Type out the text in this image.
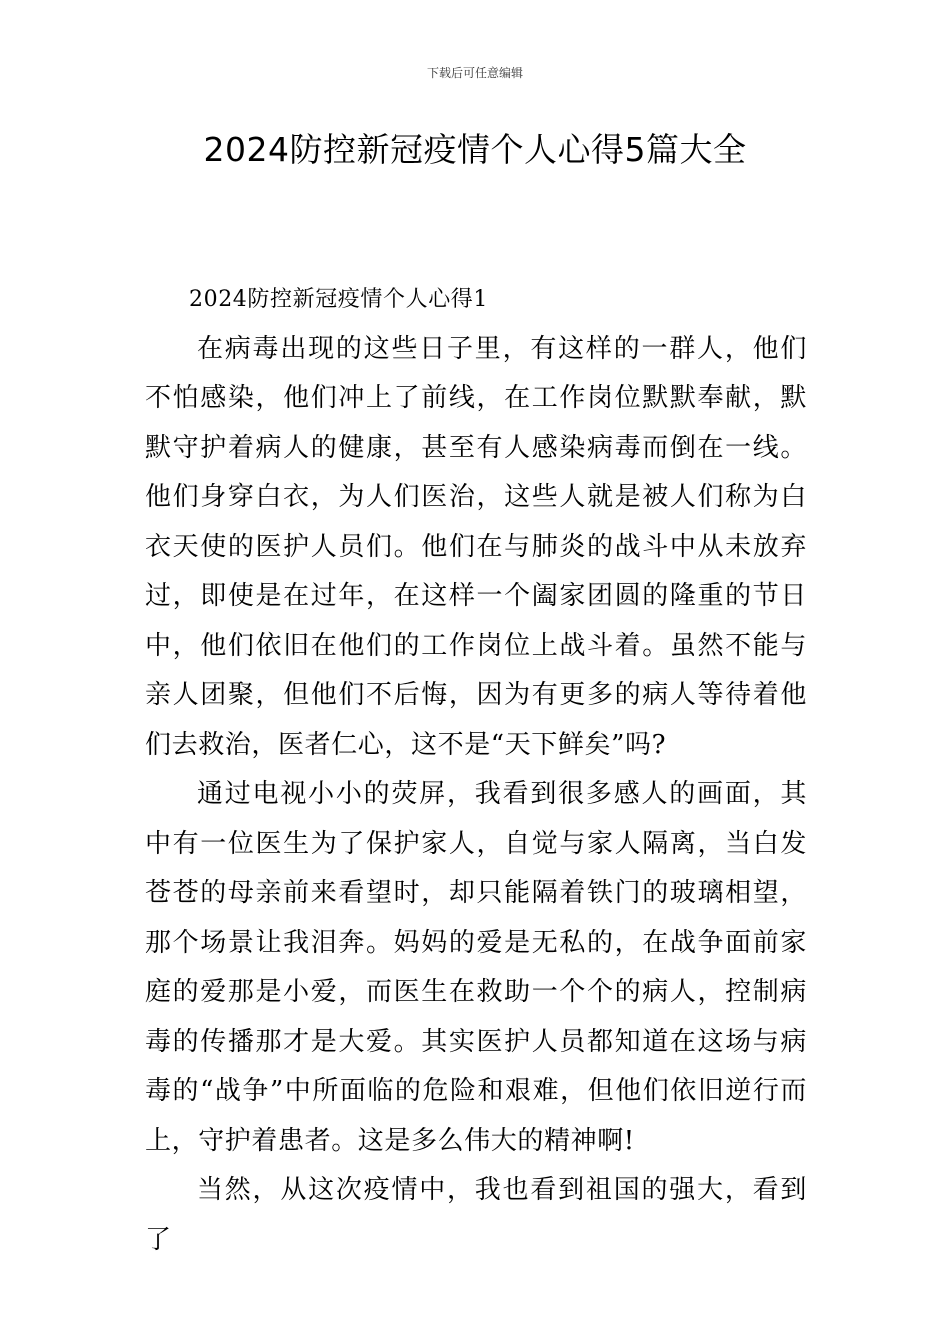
下载后可任意编辑
2024防控新冠疫情个人心得5篇大全

2024防控新冠疫情个人心得1

在病毒出现的这些日子里，有这样的一群人，他们不怕感染，他们冲上了前线，在工作岗位默默奉献，默默守护着病人的健康，甚至有人感染病毒而倒在一线。他们身穿白衣，为人们医治，这些人就是被人们称为白衣天使的医护人员们。他们在与肺炎的战斗中从未放弃过，即使是在过年，在这样一个阖家团圆的隆重的节日中，他们依旧在他们的工作岗位上战斗着。虽然不能与亲人团聚，但他们不后悔，因为有更多的病人等待着他们去救治，医者仁心，这不是“天下鲜矣”吗?

通过电视小小的荧屏，我看到很多感人的画面，其中有一位医生为了保护家人，自觉与家人隔离，当白发苍苍的母亲前来看望时，却只能隔着铁门的玻璃相望，那个场景让我泪奔。妈妈的爱是无私的，在战争面前家庭的爱那是小爱，而医生在救助一个个的病人，控制病毒的传播那才是大爱。其实医护人员都知道在这场与病毒的“战争”中所面临的危险和艰难，但他们依旧逆行而上，守护着患者。这是多么伟大的精神啊!

当然，从这次疫情中，我也看到祖国的强大，看到了
